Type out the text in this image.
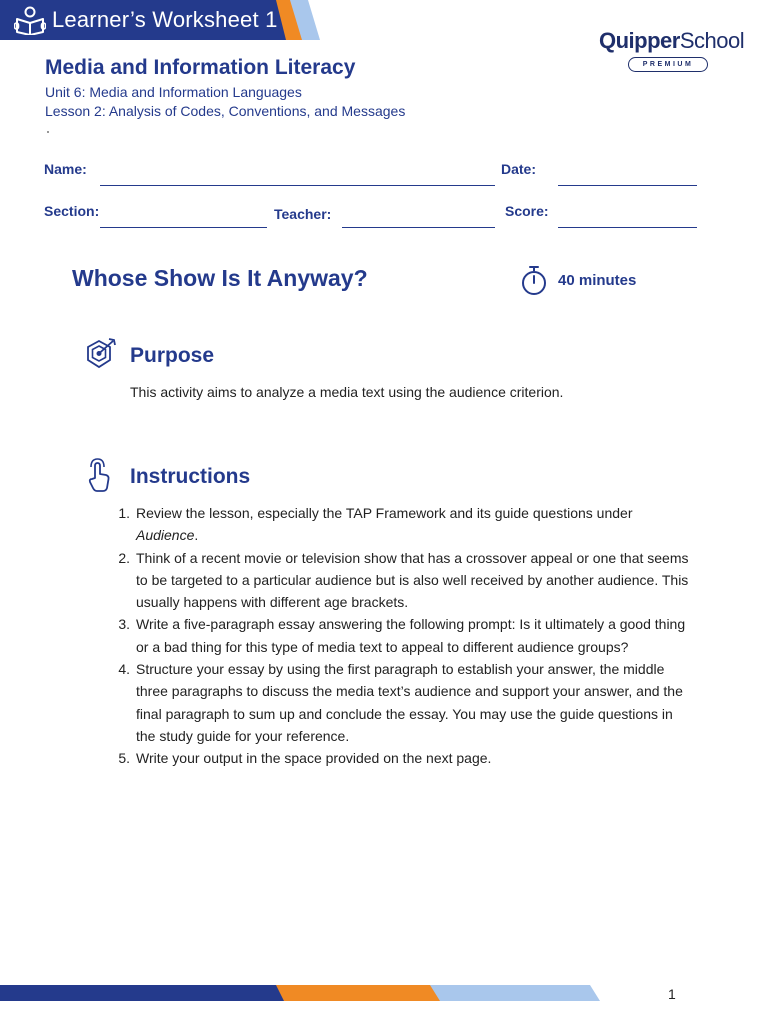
Learner’s Worksheet 1
QuipperSchool
PREMIUM
Media and Information Literacy
Unit 6: Media and Information Languages
Lesson 2: Analysis of Codes, Conventions, and Messages
Name:	Date:
Section:	Teacher:	Score:
Whose Show Is It Anyway?	40 minutes
Purpose
This activity aims to analyze a media text using the audience criterion.
Instructions
1 . Review the lesson, especially the TAP Framework and its guide questions under Audience.
2 . Think of a recent movie or television show that has a crossover appeal or one that seems to be targeted to a particular audience but is also well received by another audience. This usually happens with different age brackets.
3 . Write a five-paragraph essay answering the following prompt: Is it ultimately a good thing or a bad thing for this type of media text to appeal to different audience groups?
4 . Structure your essay by using the first paragraph to establish your answer, the middle three paragraphs to discuss the media text’s audience and support your answer, and the final paragraph to sum up and conclude the essay. You may use the guide questions in the study guide for your reference.
5 . Write your output in the space provided on the next page.
1
